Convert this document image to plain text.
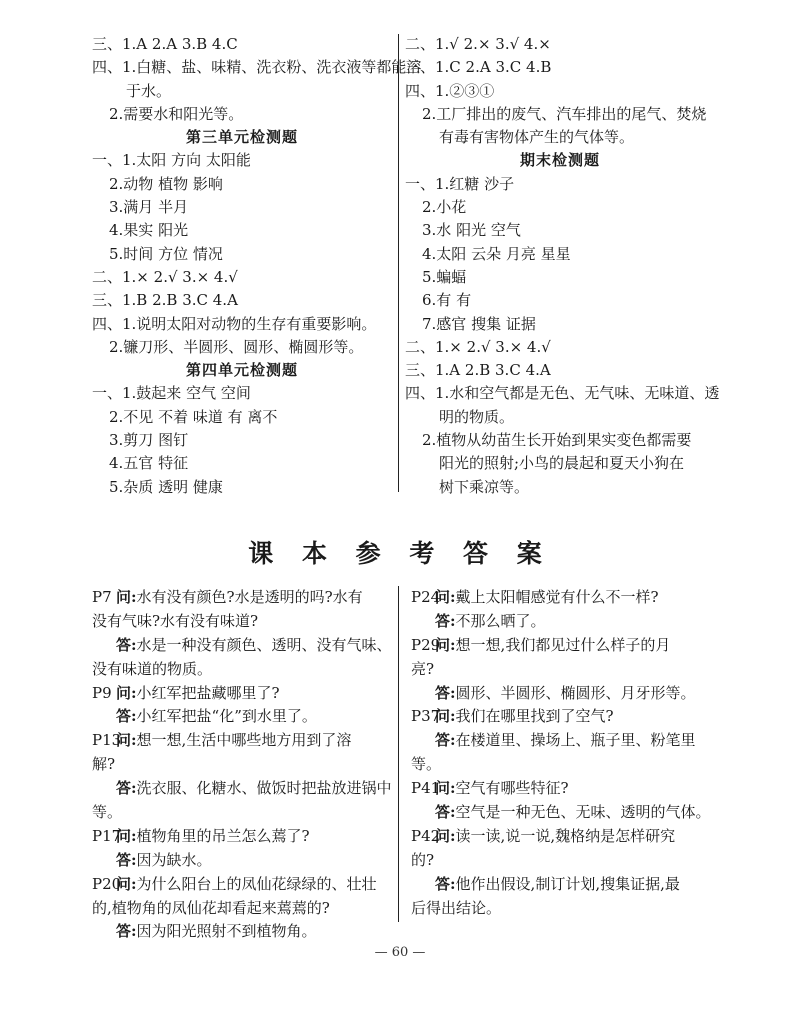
三、1.A 2.A 3.B 4.C
四、1.白糖、盐、味精、洗衣粉、洗衣液等都能溶
于水。
2.需要水和阳光等。
第三单元检测题
一、1.太阳 方向 太阳能
2.动物 植物 影响
3.满月 半月
4.果实 阳光
5.时间 方位 情况
二、1.× 2.√ 3.× 4.√
三、1.B 2.B 3.C 4.A
四、1.说明太阳对动物的生存有重要影响。
2.镰刀形、半圆形、圆形、椭圆形等。
第四单元检测题
一、1.鼓起来 空气 空间
2.不见 不着 味道 有 离不
3.剪刀 图钉
4.五官 特征
5.杂质 透明 健康
二、1.√ 2.× 3.√ 4.×
三、1.C 2.A 3.C 4.B
四、1.②③①
2.工厂排出的废气、汽车排出的尾气、焚烧
有毒有害物体产生的气体等。
期末检测题
一、1.红糖 沙子
2.小花
3.水 阳光 空气
4.太阳 云朵 月亮 星星
5.蝙蝠
6.有 有
7.感官 搜集 证据
二、1.× 2.√ 3.× 4.√
三、1.A 2.B 3.C 4.A
四、1.水和空气都是无色、无气味、无味道、透
明的物质。
2.植物从幼苗生长开始到果实变色都需要
阳光的照射;小鸟的晨起和夏天小狗在
树下乘凉等。
课 本 参 考 答 案
P7 问:水有没有颜色?水是透明的吗?水有
没有气味?水有没有味道?
答:水是一种没有颜色、透明、没有气味、
没有味道的物质。
P9 问:小红军把盐藏哪里了?
答:小红军把盐“化”到水里了。
P13问:想一想,生活中哪些地方用到了溶
解?
答:洗衣服、化糖水、做饭时把盐放进锅中
等。
P17问:植物角里的吊兰怎么蔫了?
答:因为缺水。
P20问:为什么阳台上的凤仙花绿绿的、壮壮
的,植物角的凤仙花却看起来蔫蔫的?
答:因为阳光照射不到植物角。
P24问:戴上太阳帽感觉有什么不一样?
答:不那么晒了。
P29问:想一想,我们都见过什么样子的月
亮?
答:圆形、半圆形、椭圆形、月牙形等。
P37问:我们在哪里找到了空气?
答:在楼道里、操场上、瓶子里、粉笔里
等。
P41问:空气有哪些特征?
答:空气是一种无色、无味、透明的气体。
P42问:读一读,说一说,魏格纳是怎样研究
的?
答:他作出假设,制订计划,搜集证据,最
后得出结论。
— 60 —
